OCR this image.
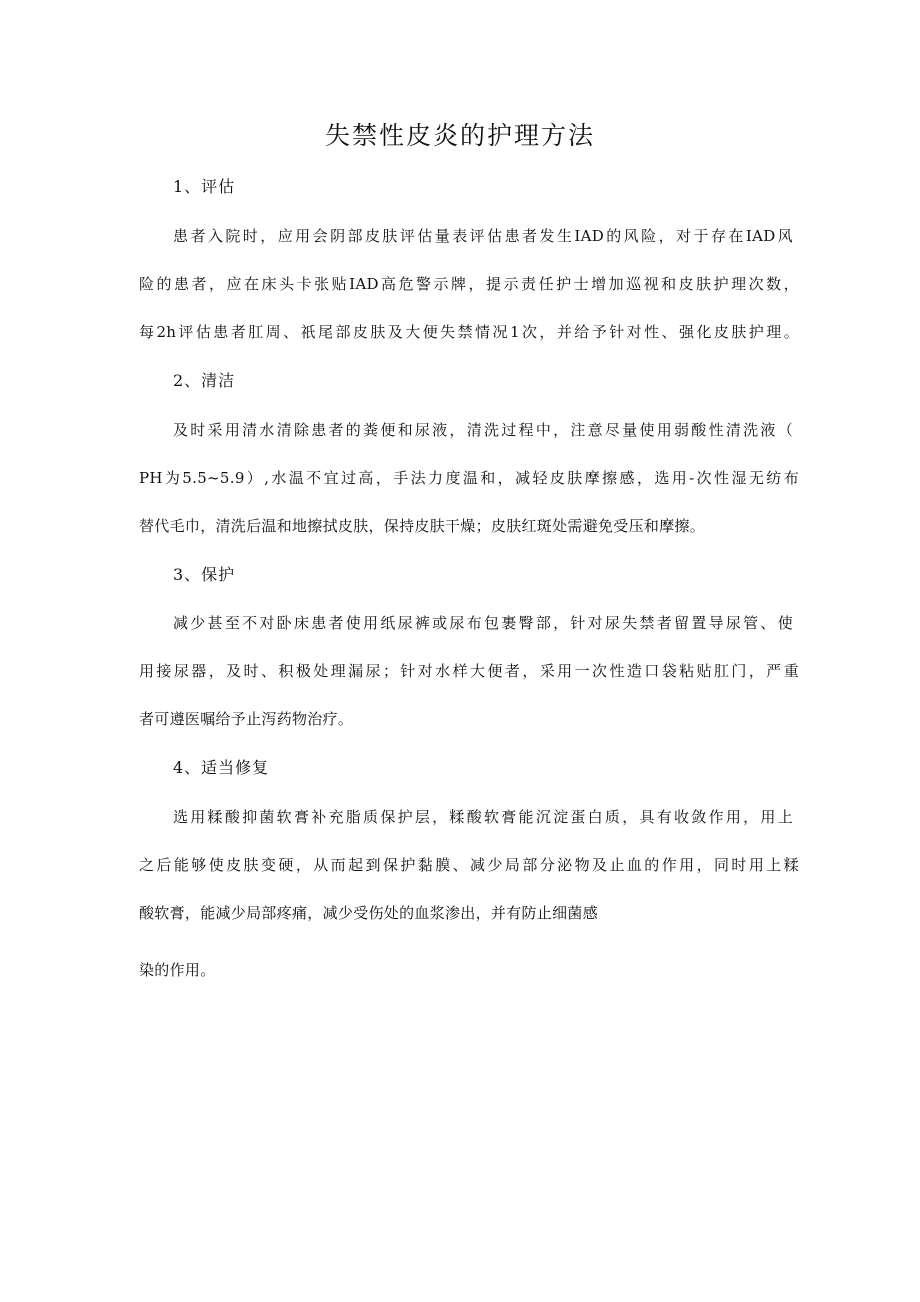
失禁性皮炎的护理方法
1、评估
患者入院时，应用会阴部皮肤评估量表评估患者发生IAD的风险，对于存在IAD风
险的患者，应在床头卡张贴IAD高危警示牌，提示责任护士增加巡视和皮肤护理次数，
每2h评估患者肛周、祇尾部皮肤及大便失禁情况1次，并给予针对性、强化皮肤护理。
2、清洁
及时采用清水清除患者的粪便和尿液，清洗过程中，注意尽量使用弱酸性清洗液（
PH为5.5~5.9）,水温不宜过高，手法力度温和，减轻皮肤摩擦感，选用-次性湿无纺布
替代毛巾，清洗后温和地擦拭皮肤，保持皮肤干燥；皮肤红斑处需避免受压和摩擦。
3、保护
减少甚至不对卧床患者使用纸尿裤或尿布包裹臀部，针对尿失禁者留置导尿管、使
用接尿器，及时、积极处理漏尿；针对水样大便者，采用一次性造口袋粘贴肛门，严重
者可遵医嘱给予止泻药物治疗。
4、适当修复
选用糅酸抑菌软膏补充脂质保护层，糅酸软膏能沉淀蛋白质，具有收敛作用，用上
之后能够使皮肤变硬，从而起到保护黏膜、减少局部分泌物及止血的作用，同时用上糅
酸软膏，能减少局部疼痛，减少受伤处的血浆渗出，并有防止细菌感
染的作用。
